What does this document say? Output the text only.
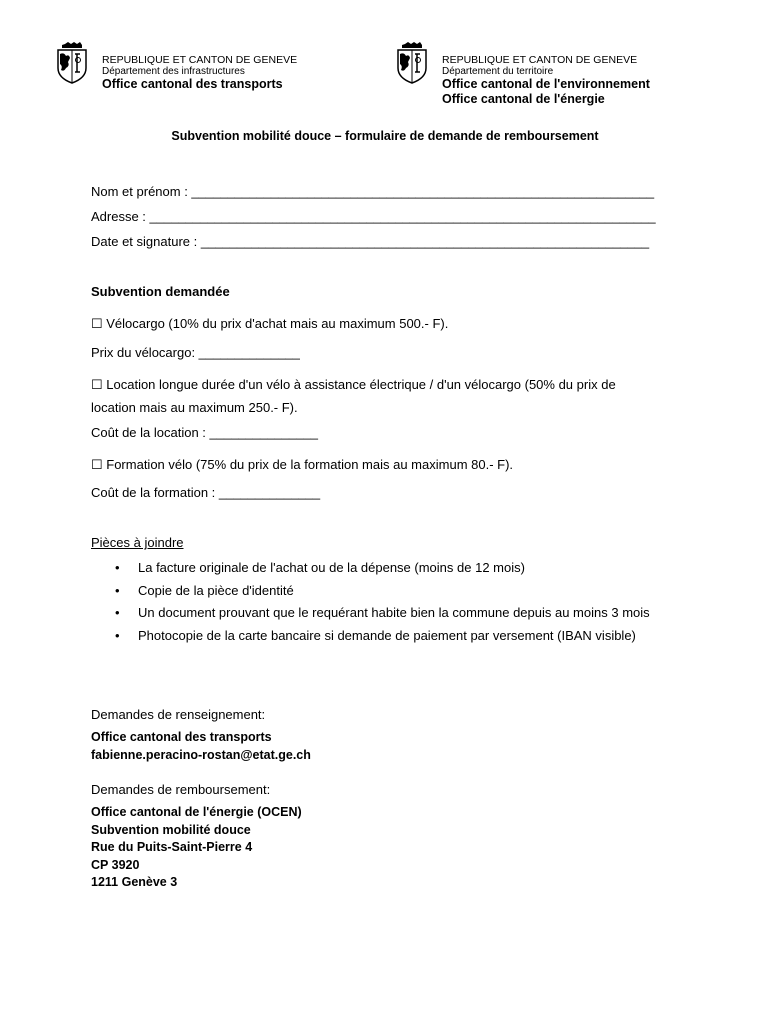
REPUBLIQUE ET CANTON DE GENEVE
Département des infrastructures
Office cantonal des transports
REPUBLIQUE ET CANTON DE GENEVE
Département du territoire
Office cantonal de l'environnement
Office cantonal de l'énergie
Subvention mobilité douce – formulaire de demande de remboursement
Nom et prénom : ________________________________________________________________
Adresse : ______________________________________________________________________
Date et signature : ______________________________________________________________
Subvention demandée
☐ Vélocargo (10% du prix d'achat mais au maximum 500.- F).
Prix du vélocargo: ______________
☐ Location longue durée d'un vélo à assistance électrique / d'un vélocargo (50% du prix de
location mais au maximum 250.- F).
Coût de la location : _______________
☐ Formation vélo (75% du prix de la formation mais au maximum 80.- F).
Coût de la formation : ______________
Pièces à joindre
• La facture originale de l'achat ou de la dépense (moins de 12 mois)
• Copie de la pièce d'identité
• Un document prouvant que le requérant habite bien la commune depuis au moins 3 mois
• Photocopie de la carte bancaire si demande de paiement par versement (IBAN visible)
Demandes de renseignement:
Office cantonal des transports
fabienne.peracino-rostan@etat.ge.ch
Demandes de remboursement:
Office cantonal de l'énergie (OCEN)
Subvention mobilité douce
Rue du Puits-Saint-Pierre 4
CP 3920
1211 Genève 3
